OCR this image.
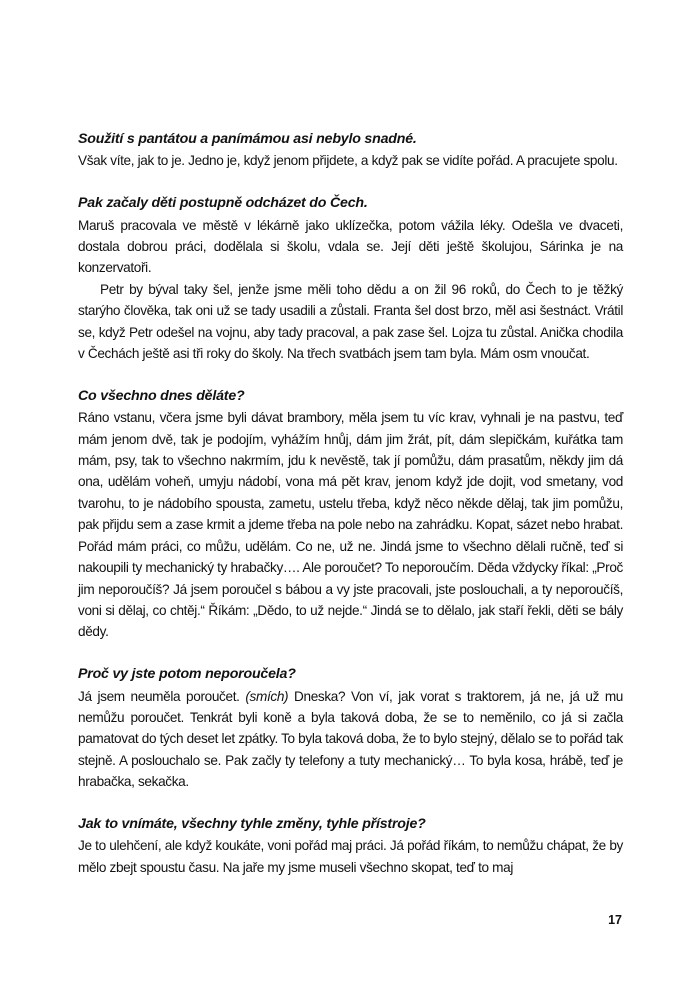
Soužití s pantátou a panímámou asi nebylo snadné.

Však víte, jak to je. Jedno je, když jenom přijdete, a když pak se vidíte pořád. A pracujete spolu.

Pak začaly děti postupně odcházet do Čech.

Maruš pracovala ve městě v lékárně jako uklízečka, potom vážila léky. Odešla ve dvaceti, dostala dobrou práci, dodělala si školu, vdala se. Její děti ještě školujou, Sárinka je na konzervatoři.

Petr by býval taky šel, jenže jsme měli toho dědu a on žil 96 roků, do Čech to je těžký starýho člověka, tak oni už se tady usadili a zůstali. Franta šel dost brzo, měl asi šestnáct. Vrátil se, když Petr odešel na vojnu, aby tady pracoval, a pak zase šel. Lojza tu zůstal. Anička chodila v Čechách ještě asi tři roky do školy. Na třech svatbách jsem tam byla. Mám osm vnoučat.

Co všechno dnes děláte?

Ráno vstanu, včera jsme byli dávat brambory, měla jsem tu víc krav, vyhnali je na pastvu, teď mám jenom dvě, tak je podojím, vyhážím hnůj, dám jim žrát, pít, dám slepičkám, kuřátka tam mám, psy, tak to všechno nakrmím, jdu k nevěstě, tak jí pomůžu, dám prasatům, někdy jim dá ona, udělám voheň, umyju nádobí, vona má pět krav, jenom když jde dojit, vod smetany, vod tvarohu, to je nádobího spousta, zametu, ustelu třeba, když něco někde dělaj, tak jim pomůžu, pak přijdu sem a zase krmit a jdeme třeba na pole nebo na zahrádku. Kopat, sázet nebo hrabat. Pořád mám práci, co můžu, udělám. Co ne, už ne. Jindá jsme to všechno dělali ručně, teď si nakoupili ty mechanický ty hrabačky…. Ale poroučet? To neporoučím. Děda vždycky říkal: „Proč jim neporoučíš? Já jsem poroučel s bábou a vy jste pracovali, jste poslouchali, a ty neporoučíš, voni si dělaj, co chtěj.“ Říkám: „Dědo, to už nejde.“ Jindá se to dělalo, jak staří řekli, děti se bály dědy.

Proč vy jste potom neporoučela?

Já jsem neuměla poroučet. (smích) Dneska? Von ví, jak vorat s traktorem, já ne, já už mu nemůžu poroučet. Tenkrát byli koně a byla taková doba, že se to neměnilo, co já si začla pamatovat do tých deset let zpátky. To byla taková doba, že to bylo stejný, dělalo se to pořád tak stejně. A poslouchalo se. Pak začly ty telefony a tuty mechanický… To byla kosa, hrábě, teď je hrabačka, sekačka.

Jak to vnímáte, všechny tyhle změny, tyhle přístroje?

Je to ulehčení, ale když koukáte, voni pořád maj práci. Já pořád říkám, to nemůžu chápat, že by mělo zbejt spoustu času. Na jaře my jsme museli všechno skopat, teď to maj

17
